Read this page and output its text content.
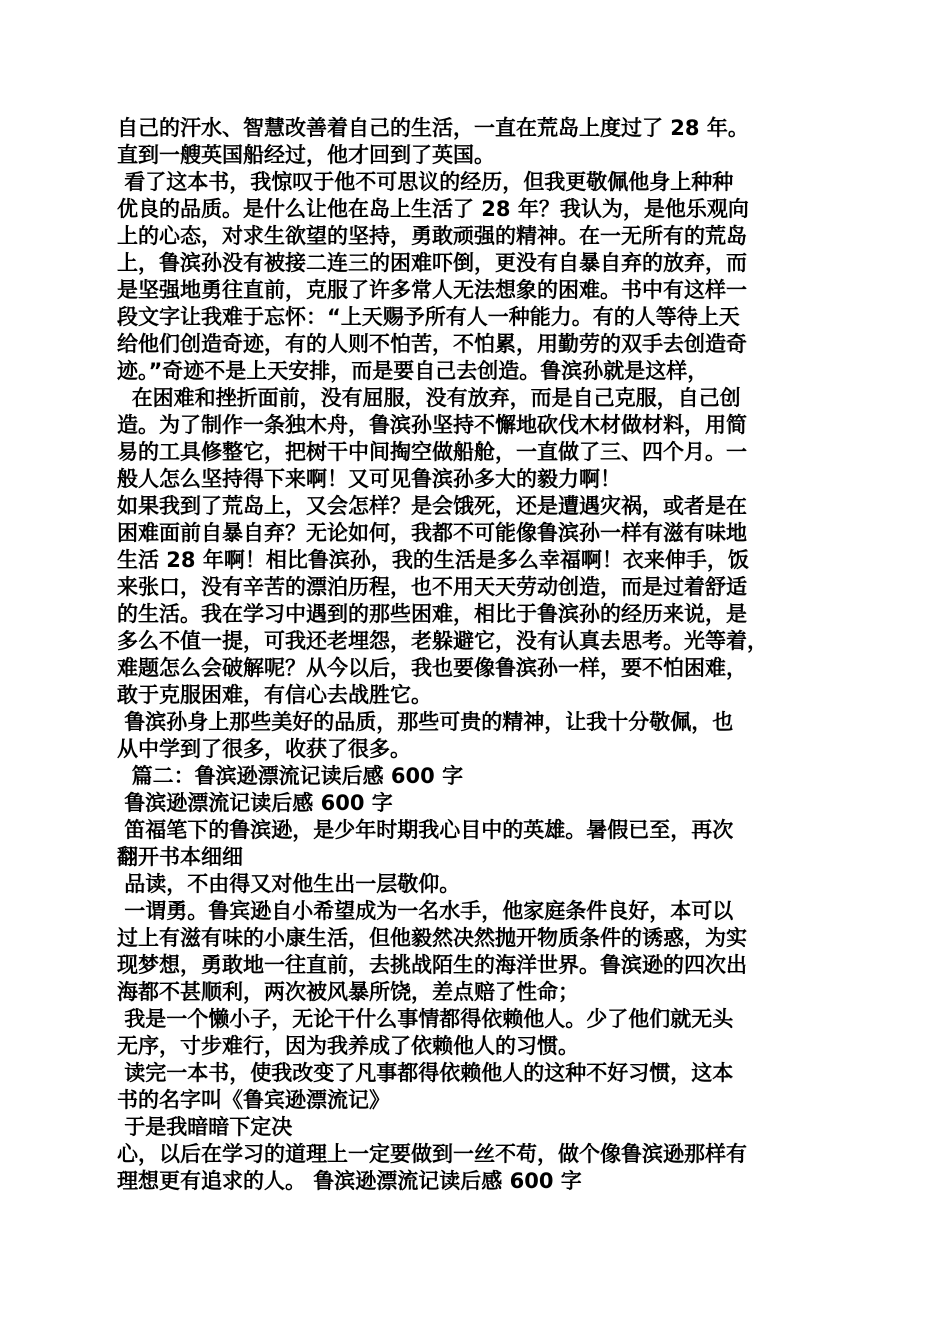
自己的汗水、智慧改善着自己的生活，一直在荒岛上度过了 28 年。
直到一艘英国船经过，他才回到了英国。
看了这本书，我惊叹于他不可思议的经历，但我更敬佩他身上种种
优良的品质。是什么让他在岛上生活了 28 年？我认为，是他乐观向
上的心态，对求生欲望的坚持，勇敢顽强的精神。在一无所有的荒岛
上，鲁滨孙没有被接二连三的困难吓倒，更没有自暴自弃的放弃，而
是坚强地勇往直前，克服了许多常人无法想象的困难。书中有这样一
段文字让我难于忘怀：“上天赐予所有人一种能力。有的人等待上天
给他们创造奇迹，有的人则不怕苦，不怕累，用勤劳的双手去创造奇
迹。”奇迹不是上天安排，而是要自己去创造。鲁滨孙就是这样，
在困难和挫折面前，没有屈服，没有放弃，而是自己克服，自己创
造。为了制作一条独木舟，鲁滨孙坚持不懈地砍伐木材做材料，用简
易的工具修整它，把树干中间掏空做船舱，一直做了三、四个月。一
般人怎么坚持得下来啊！又可见鲁滨孙多大的毅力啊！
如果我到了荒岛上，又会怎样？是会饿死，还是遭遇灾祸，或者是在
困难面前自暴自弃？无论如何，我都不可能像鲁滨孙一样有滋有味地
生活 28 年啊！相比鲁滨孙，我的生活是多么幸福啊！衣来伸手，饭
来张口，没有辛苦的漂泊历程，也不用天天劳动创造，而是过着舒适
的生活。我在学习中遇到的那些困难，相比于鲁滨孙的经历来说，是
多么不值一提，可我还老埋怨，老躲避它，没有认真去思考。光等着，
难题怎么会破解呢？从今以后，我也要像鲁滨孙一样，要不怕困难，
敢于克服困难，有信心去战胜它。
鲁滨孙身上那些美好的品质，那些可贵的精神，让我十分敬佩，也
从中学到了很多，收获了很多。
篇二：鲁滨逊漂流记读后感 600 字
鲁滨逊漂流记读后感 600 字
笛福笔下的鲁滨逊，是少年时期我心目中的英雄。暑假已至，再次
翻开书本细细
品读，不由得又对他生出一层敬仰。
一谓勇。鲁宾逊自小希望成为一名水手，他家庭条件良好，本可以
过上有滋有味的小康生活，但他毅然决然抛开物质条件的诱惑，为实
现梦想，勇敢地一往直前，去挑战陌生的海洋世界。鲁滨逊的四次出
海都不甚顺利，两次被风暴所饶，差点赔了性命；
我是一个懒小子，无论干什么事情都得依赖他人。少了他们就无头
无序，寸步难行，因为我养成了依赖他人的习惯。
读完一本书，使我改变了凡事都得依赖他人的这种不好习惯，这本
书的名字叫《鲁宾逊漂流记》
于是我暗暗下定决
心，以后在学习的道理上一定要做到一丝不苟，做个像鲁滨逊那样有
理想更有追求的人。 鲁滨逊漂流记读后感 600 字
